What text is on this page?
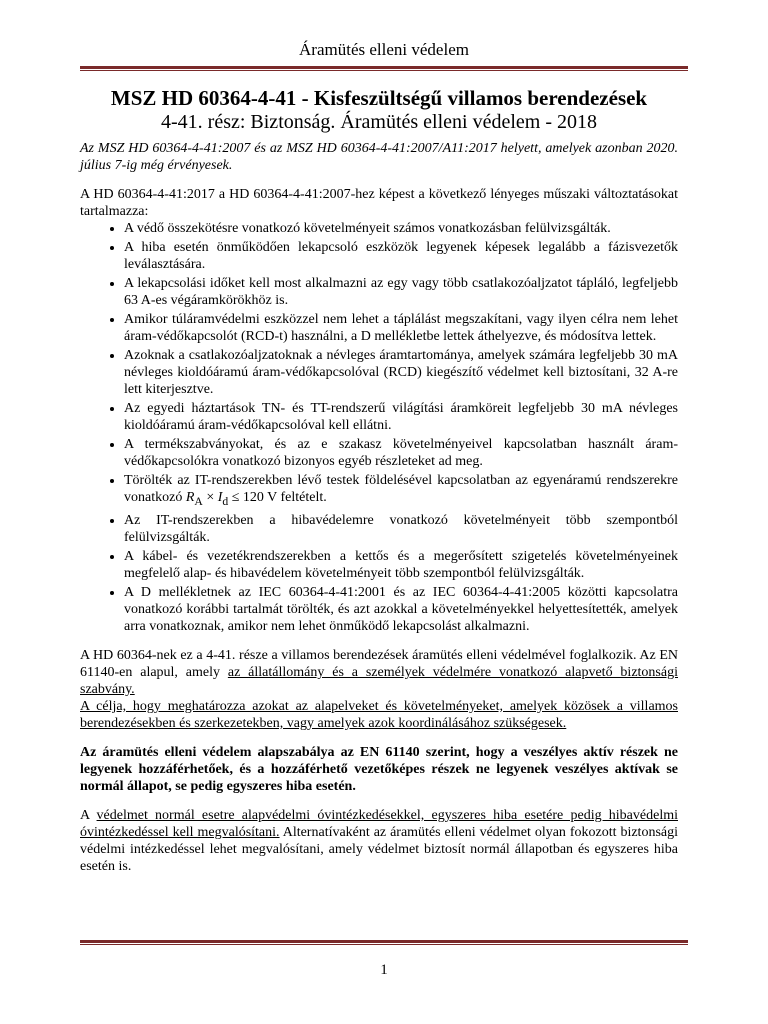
Áramütés elleni védelem
MSZ HD 60364-4-41 - Kisfeszültségű villamos berendezések
4-41. rész: Biztonság. Áramütés elleni védelem - 2018

Az MSZ HD 60364-4-41:2007 és az MSZ HD 60364-4-41:2007/A11:2017 helyett, amelyek azonban 2020. július 7-ig még érvényesek.

A HD 60364-4-41:2017 a HD 60364-4-41:2007-hez képest a következő lényeges műszaki változtatásokat tartalmazza:

• A védő összekötésre vonatkozó követelményeit számos vonatkozásban felülvizsgálták.
• A hiba esetén önműködően lekapcsoló eszközök legyenek képesek legalább a fázisvezetők leválasztására.
• A lekapcsolási időket kell most alkalmazni az egy vagy több csatlakozóaljzatot tápláló, legfeljebb 63 A-es végáramkörökhöz is.
• Amikor túláramvédelmi eszközzel nem lehet a táplálást megszakítani, vagy ilyen célra nem lehet áram-védőkapcsolót (RCD-t) használni, a D mellékletbe lettek áthelyezve, és módosítva lettek.
• Azoknak a csatlakozóaljzatoknak a névleges áramtartománya, amelyek számára legfeljebb 30 mA névleges kioldóáramú áram-védőkapcsolóval (RCD) kiegészítő védelmet kell biztosítani, 32 A-re lett kiterjesztve.
• Az egyedi háztartások TN- és TT-rendszerű világítási áramköreit legfeljebb 30 mA névleges kioldóáramú áram-védőkapcsolóval kell ellátni.
• A termékszabványokat, és az e szakasz követelményeivel kapcsolatban használt áram-védőkapcsolókra vonatkozó bizonyos egyéb részleteket ad meg.
• Törölték az IT-rendszerekben lévő testek földelésével kapcsolatban az egyenáramú rendszerekre vonatkozó $R_A \times I_d \le 120$ V feltételt.
• Az IT-rendszerekben a hibavédelemre vonatkozó követelményeit több szempontból felülvizsgálták.
• A kábel- és vezetékrendszerekben a kettős és a megerősített szigetelés követelményeinek megfelelő alap- és hibavédelem követelményeit több szempontból felülvizsgálták.
• A D mellékletnek az IEC 60364-4-41:2001 és az IEC 60364-4-41:2005 közötti kapcsolatra vonatkozó korábbi tartalmát törölték, és azt azokkal a követelményekkel helyettesítették, amelyek arra vonatkoznak, amikor nem lehet önműködő lekapcsolást alkalmazni.

A HD 60364-nek ez a 4-41. része a villamos berendezések áramütés elleni védelmével foglalkozik. Az EN 61140-en alapul, amely az állatállomány és a személyek védelmére vonatkozó alapvető biztonsági szabvány.

A célja, hogy meghatározza azokat az alapelveket és követelményeket, amelyek közösek a villamos berendezésekben és szerkezetekben, vagy amelyek azok koordinálásához szükségesek.

Az áramütés elleni védelem alapszabálya az EN 61140 szerint, hogy a veszélyes aktív részek ne legyenek hozzáférhetőek, és a hozzáférhető vezetőképes részek ne legyenek veszélyes aktívak se normál állapot, se pedig egyszeres hiba esetén.

A védelmet normál esetre alapvédelmi óvintézkedésekkel, egyszeres hiba esetére pedig hibavédelmi óvintézkedéssel kell megvalósítani. Alternatívaként az áramütés elleni védelmet olyan fokozott biztonsági védelmi intézkedéssel lehet megvalósítani, amely védelmet biztosít normál állapotban és egyszeres hiba esetén is.

1
